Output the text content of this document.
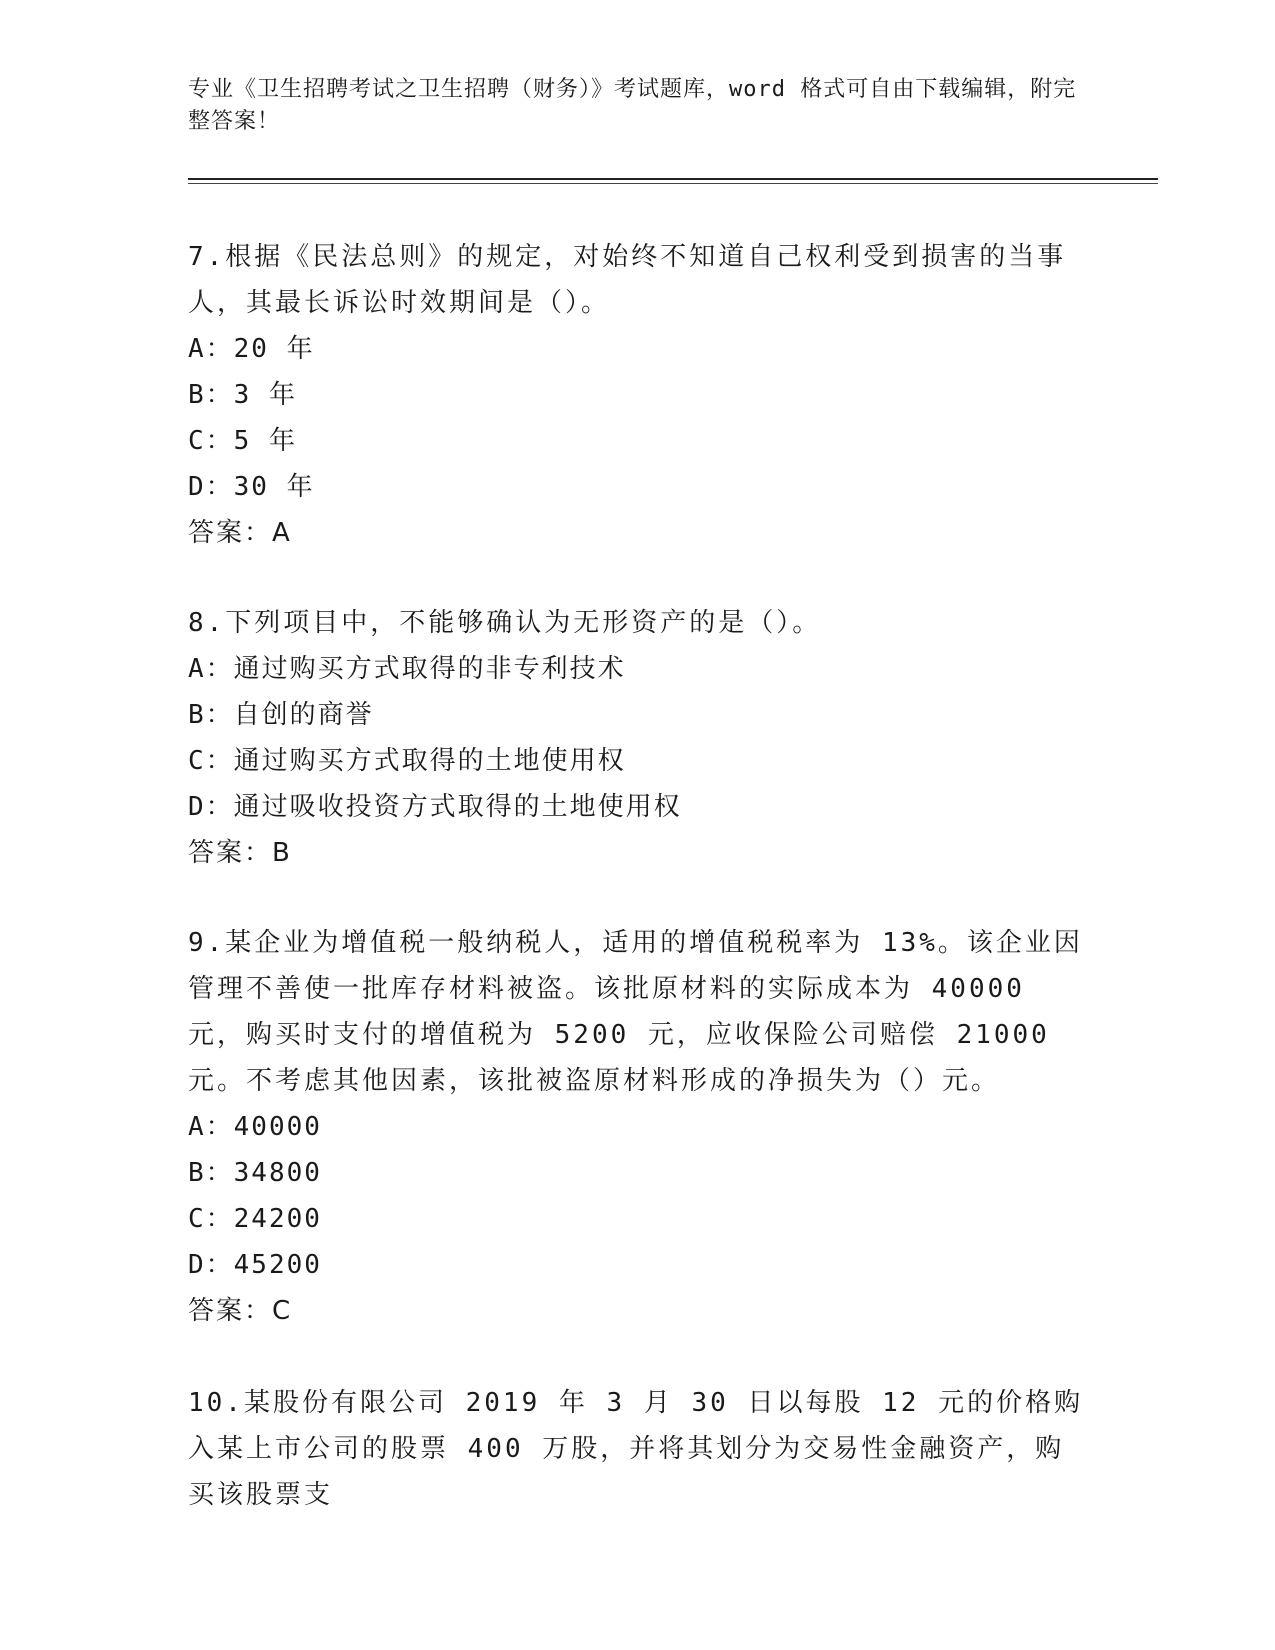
专业《卫生招聘考试之卫生招聘（财务）》考试题库，word 格式可自由下载编辑，附完整答案！

7.根据《民法总则》的规定，对始终不知道自己权利受到损害的当事人，其最长诉讼时效期间是（）。

A：20 年

B：3 年

C：5 年

D：30 年

答案：A

8.下列项目中，不能够确认为无形资产的是（）。

A：通过购买方式取得的非专利技术

B：自创的商誉

C：通过购买方式取得的土地使用权

D：通过吸收投资方式取得的土地使用权

答案：B

9.某企业为增值税一般纳税人，适用的增值税税率为 13%。该企业因管理不善使一批库存材料被盗。该批原材料的实际成本为 40000 元，购买时支付的增值税为 5200 元，应收保险公司赔偿 21000 元。不考虑其他因素，该批被盗原材料形成的净损失为（）元。

A：40000

B：34800

C：24200

D：45200

答案：C

10.某股份有限公司 2019 年 3 月 30 日以每股 12 元的价格购入某上市公司的股票 400 万股，并将其划分为交易性金融资产，购买该股票支
